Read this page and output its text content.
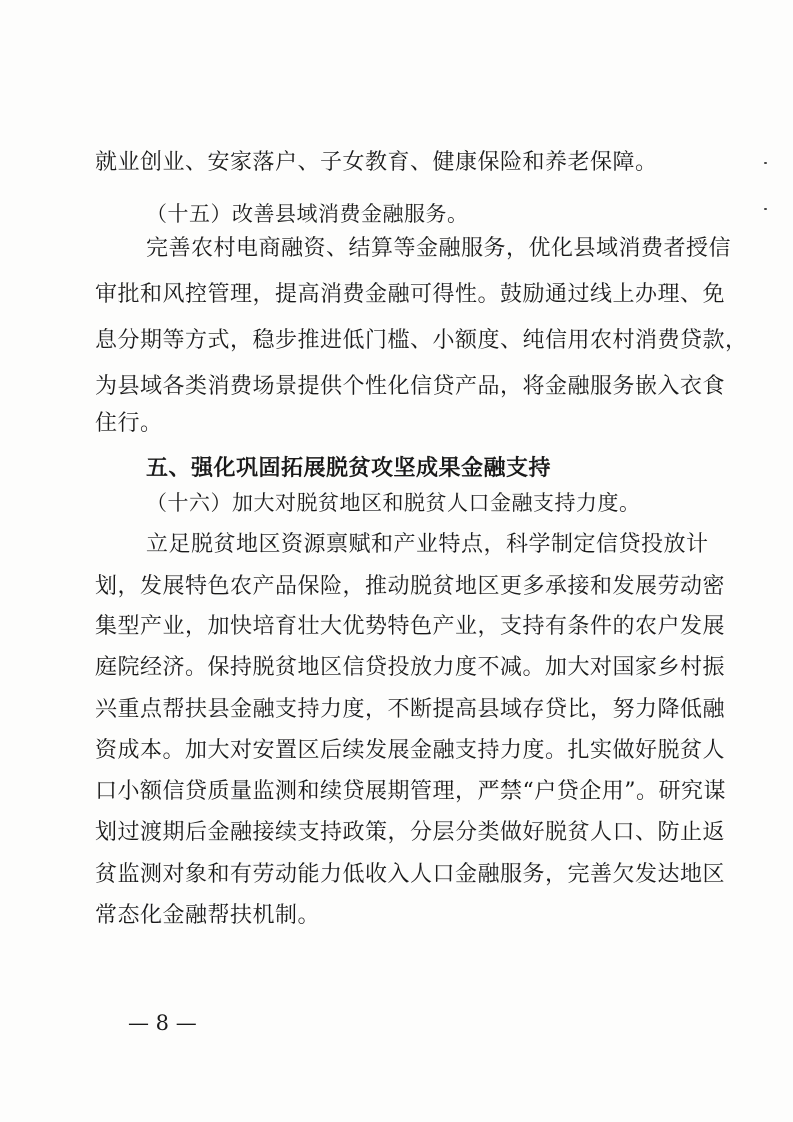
就业创业、安家落户、子女教育、健康保险和养老保障。
（十五）改善县域消费金融服务。
完善农村电商融资、结算等金融服务，优化县域消费者授信
审批和风控管理，提高消费金融可得性。鼓励通过线上办理、免
息分期等方式，稳步推进低门槛、小额度、纯信用农村消费贷款，
为县域各类消费场景提供个性化信贷产品，将金融服务嵌入衣食
住行。
五、强化巩固拓展脱贫攻坚成果金融支持
（十六）加大对脱贫地区和脱贫人口金融支持力度。
立足脱贫地区资源禀赋和产业特点，科学制定信贷投放计
划，发展特色农产品保险，推动脱贫地区更多承接和发展劳动密
集型产业，加快培育壮大优势特色产业，支持有条件的农户发展
庭院经济。保持脱贫地区信贷投放力度不减。加大对国家乡村振
兴重点帮扶县金融支持力度，不断提高县域存贷比，努力降低融
资成本。加大对安置区后续发展金融支持力度。扎实做好脱贫人
口小额信贷质量监测和续贷展期管理，严禁“户贷企用”。研究谋
划过渡期后金融接续支持政策，分层分类做好脱贫人口、防止返
贫监测对象和有劳动能力低收入人口金融服务，完善欠发达地区
常态化金融帮扶机制。
— 8 —
